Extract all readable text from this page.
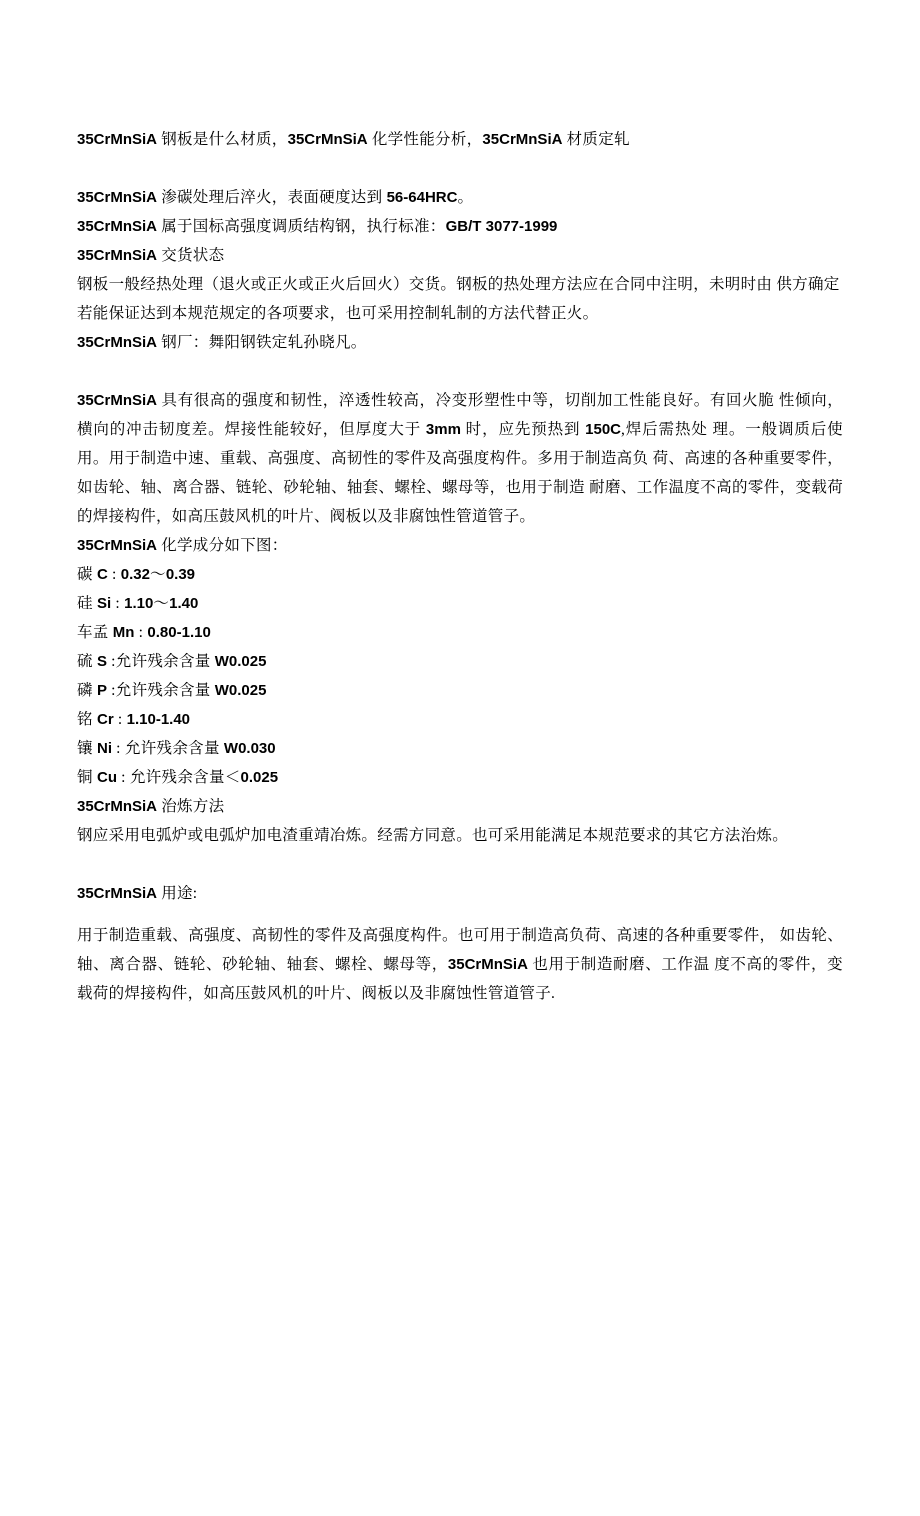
35CrMnSiA 钢板是什么材质，35CrMnSiA 化学性能分析，35CrMnSiA 材质定轧

35CrMnSiA 渗碳处理后淬火，表面硬度达到 56-64HRC。

35CrMnSiA 属于国标高强度调质结构钢，执行标准：GB/T 3077-1999

35CrMnSiA 交货状态

钢板一般经热处理（退火或正火或正火后回火）交货。钢板的热处理方法应在合同中注明，未明时由 供方确定

若能保证达到本规范规定的各项要求，也可采用控制轧制的方法代替正火。

35CrMnSiA 钢厂：舞阳钢铁定轧孙晓凡。

35CrMnSiA 具有很高的强度和韧性，淬透性较高，冷变形塑性中等，切削加工性能良好。有回火脆 性倾向，横向的冲击韧度差。焊接性能较好，但厚度大于 3mm 时，应先预热到 150C,焊后需热处 理。一般调质后使用。用于制造中速、重载、高强度、高韧性的零件及高强度构件。多用于制造高负 荷、高速的各种重要零件，如齿轮、轴、离合器、链轮、砂轮轴、轴套、螺栓、螺母等，也用于制造 耐磨、工作温度不高的零件，变载荷的焊接构件，如高压鼓风机的叶片、阀板以及非腐蚀性管道管子。

35CrMnSiA 化学成分如下图：

碳 C : 0.32〜0.39

硅 Si : 1.10〜1.40

车孟 Mn : 0.80-1.10

硫 S :允许残余含量 W0.025

磷 P :允许残余含量 W0.025

铭 Cr : 1.10-1.40

镶 Ni : 允许残余含量 W0.030

铜 Cu : 允许残余含量＜0.025

35CrMnSiA 治炼方法

钢应采用电弧炉或电弧炉加电渣重靖冶炼。经需方同意。也可采用能满足本规范要求的其它方法治炼。

35CrMnSiA 用途:

用于制造重载、高强度、高韧性的零件及高强度构件。也可用于制造高负荷、高速的各种重要零件， 如齿轮、轴、离合器、链轮、砂轮轴、轴套、螺栓、螺母等，35CrMnSiA 也用于制造耐磨、工作温 度不高的零件，变载荷的焊接构件，如高压鼓风机的叶片、阀板以及非腐蚀性管道管子.
